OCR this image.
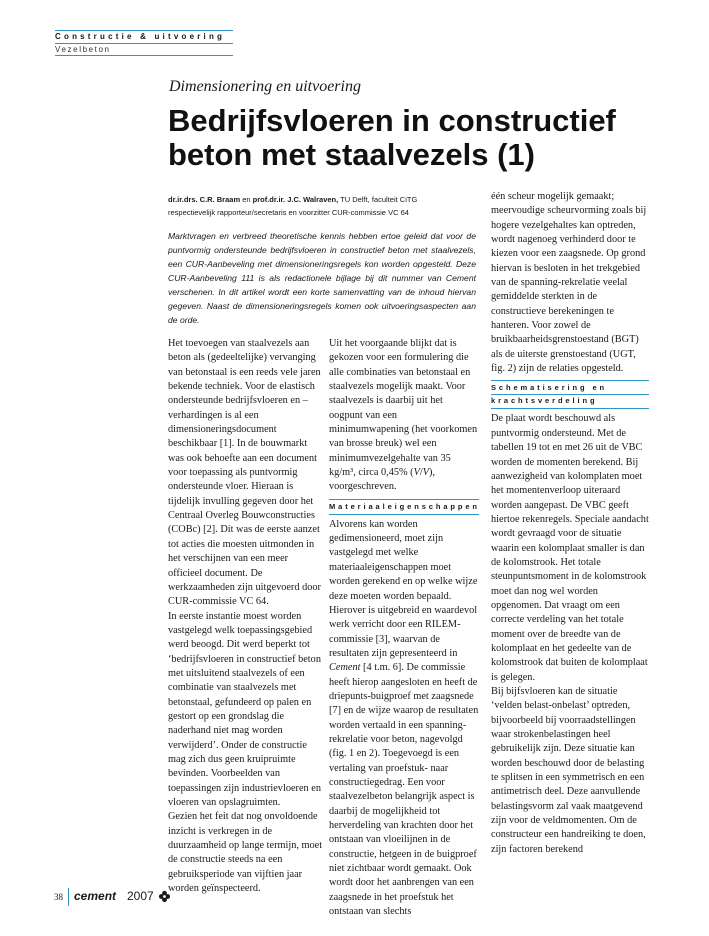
Constructie & uitvoering
Vezelbeton
Dimensionering en uitvoering
Bedrijfsvloeren in constructief beton met staalvezels (1)
dr.ir.drs. C.R. Braam en prof.dr.ir. J.C. Walraven, TU Delft, faculteit CiTG
respectievelijk rapporteur/secretaris en voorzitter CUR-commissie VC 64
Marktvragen en verbreed theoretische kennis hebben ertoe geleid dat voor de puntvormig ondersteunde bedrijfsvloeren in constructief beton met staalvezels, een CUR-Aanbeveling met dimensioneringsregels kon worden opgesteld. Deze CUR-Aanbeveling 111 is als redactionele bijlage bij dit nummer van Cement verschenen. In dit artikel wordt een korte samenvatting van de inhoud hiervan gegeven. Naast de dimensioneringsregels komen ook uitvoeringsaspecten aan de orde.

Het toevoegen van staalvezels aan beton als (gedeeltelijke) vervanging van betonstaal is een reeds vele jaren bekende techniek. Voor de elastisch ondersteunde bedrijfsvloeren en –verhardingen is al een dimensioneringsdocument beschikbaar [1]. In de bouwmarkt was ook behoefte aan een document voor toepassing als puntvormig ondersteunde vloer. Hieraan is tijdelijk invulling gegeven door het Centraal Overleg Bouwconstructies (COBc) [2]. Dit was de eerste aanzet tot acties die moesten uitmonden in het verschijnen van een meer officieel document. De werkzaamheden zijn uitgevoerd door CUR-commissie VC 64.

In eerste instantie moest worden vastgelegd welk toepassingsgebied werd beoogd. Dit werd beperkt tot ‘bedrijfsvloeren in constructief beton met uitsluitend staalvezels of een combinatie van staalvezels met betonstaal, gefundeerd op palen en gestort op een grondslag die naderhand niet mag worden verwijderd’. Onder de constructie mag zich dus geen kruipruimte bevinden. Voorbeelden van toepassingen zijn industrievloeren en vloeren van opslagruimten.

Gezien het feit dat nog onvoldoende inzicht is verkregen in de duurzaamheid op lange termijn, moet de constructie steeds na een gebruiksperiode van vijftien jaar worden geïnspecteerd.

Uit het voorgaande blijkt dat is gekozen voor een formulering die alle combinaties van betonstaal en staalvezels mogelijk maakt. Voor staalvezels is daarbij uit het oogpunt van een minimumwapening (het voorkomen van brosse breuk) wel een minimumvezelgehalte van 35 kg/m³, circa 0,45% (V/V), voorgeschreven.

Materiaaleigenschappen

Alvorens kan worden gedimensioneerd, moet zijn vastgelegd met welke materiaaleigenschappen moet worden gerekend en op welke wijze deze moeten worden bepaald. Hierover is uitgebreid en waardevol werk verricht door een RILEM-commissie [3], waarvan de resultaten zijn gepresenteerd in Cement [4 t.m. 6]. De commissie heeft hierop aangesloten en heeft de driepunts-buigproef met zaagsnede [7] en de wijze waarop de resultaten worden vertaald in een spanning-rekrelatie voor beton, nagevolgd (fig. 1 en 2). Toegevoegd is een vertaling van proefstuk- naar constructiegedrag. Een voor staalvezelbeton belangrijk aspect is daarbij de mogelijkheid tot herverdeling van krachten door het ontstaan van vloeilijnen in de constructie, hetgeen in de buigproef niet zichtbaar wordt gemaakt. Ook wordt door het aanbrengen van een zaagsnede in het proefstuk het ontstaan van slechts

één scheur mogelijk gemaakt; meervoudige scheurvorming zoals bij hogere vezelgehaltes kan optreden, wordt nagenoeg verhinderd door te kiezen voor een zaagsnede. Op grond hiervan is besloten in het trekgebied van de spanning-rekrelatie veelal gemiddelde sterkten in de constructieve berekeningen te hanteren. Voor zowel de bruikbaarheidsgrenstoestand (BGT) als de uiterste grenstoestand (UGT, fig. 2) zijn de relaties opgesteld.

Schematisering en
krachtsverdeling

De plaat wordt beschouwd als puntvormig ondersteund. Met de tabellen 19 tot en met 26 uit de VBC worden de momenten berekend. Bij aanwezigheid van kolomplaten moet het momentenverloop uiteraard worden aangepast. De VBC geeft hiertoe rekenregels. Speciale aandacht wordt gevraagd voor de situatie waarin een kolomplaat smaller is dan de kolomstrook. Het totale steunpuntsmoment in de kolomstrook moet dan nog wel worden opgenomen. Dat vraagt om een correcte verdeling van het totale moment over de breedte van de kolomplaat en het gedeelte van de kolomstrook dat buiten de kolomplaat is gelegen.

Bij bijfsvloeren kan de situatie ‘velden belast-onbelast’ optreden, bijvoorbeeld bij voorraadstellingen waar strokenbelastingen heel gebruikelijk zijn. Deze situatie kan worden beschouwd door de belasting te splitsen in een symmetrisch en een antimetrisch deel. Deze aanvullende belastingsvorm zal vaak maatgevend zijn voor de veldmomenten. Om de constructeur een handreiking te doen, zijn factoren berekend

38 cement 2007
